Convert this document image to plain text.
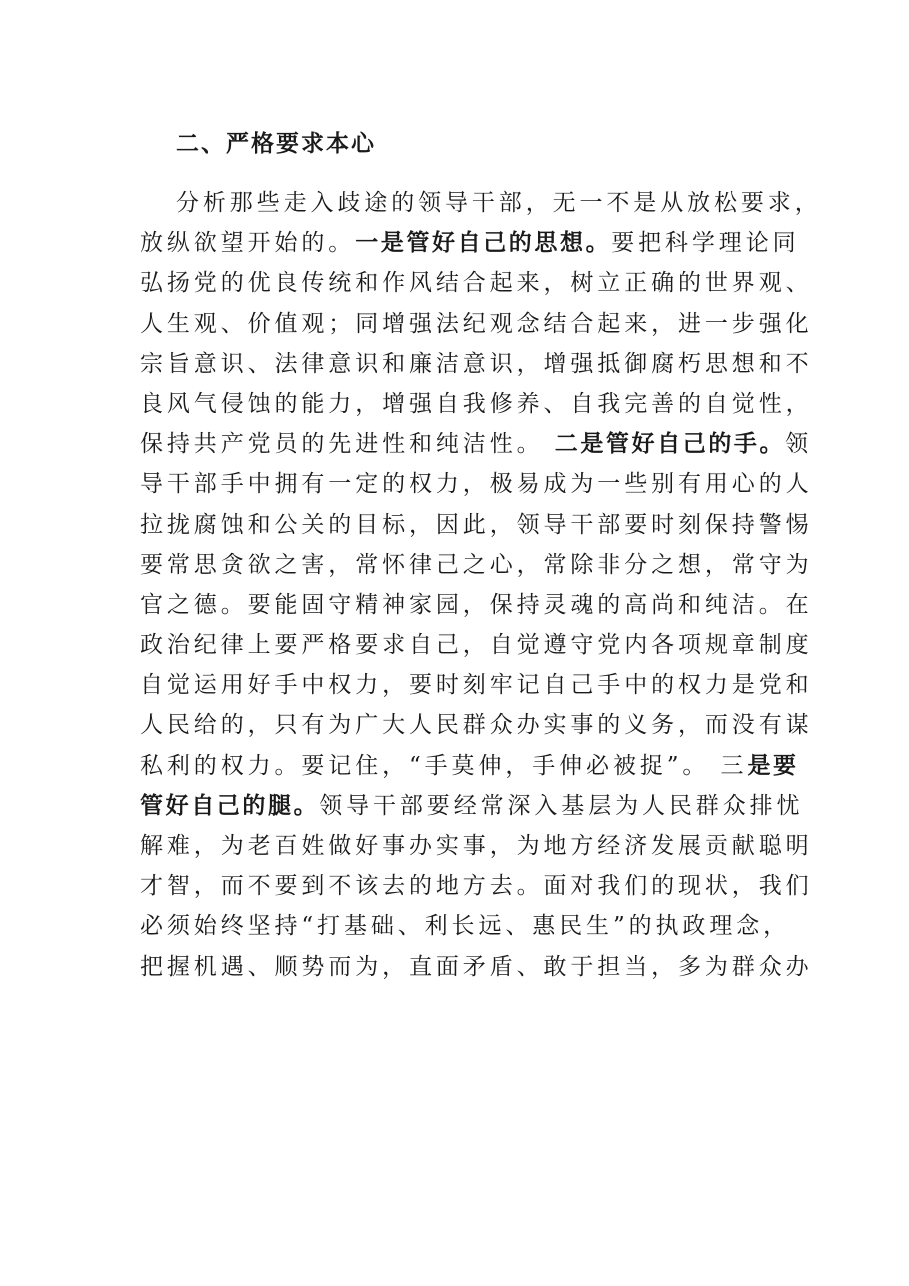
二、严格要求本心
分析那些走入歧途的领导干部，无一不是从放松要求，
放纵欲望开始的。一是管好自己的思想。要把科学理论同
弘扬党的优良传统和作风结合起来，树立正确的世界观、
人生观、价值观；同增强法纪观念结合起来，进一步强化
宗旨意识、法律意识和廉洁意识，增强抵御腐朽思想和不
良风气侵蚀的能力，增强自我修养、自我完善的自觉性，
保持共产党员的先进性和纯洁性。 二是管好自己的手。领
导干部手中拥有一定的权力，极易成为一些别有用心的人
拉拢腐蚀和公关的目标，因此，领导干部要时刻保持警惕
要常思贪欲之害，常怀律己之心，常除非分之想，常守为
官之德。要能固守精神家园，保持灵魂的高尚和纯洁。在
政治纪律上要严格要求自己，自觉遵守党内各项规章制度
自觉运用好手中权力，要时刻牢记自己手中的权力是党和
人民给的，只有为广大人民群众办实事的义务，而没有谋
私利的权力。要记住，“手莫伸，手伸必被捉”。 三是要
管好自己的腿。领导干部要经常深入基层为人民群众排忧
解难，为老百姓做好事办实事，为地方经济发展贡献聪明
才智，而不要到不该去的地方去。面对我们的现状，我们
必须始终坚持“打基础、利长远、惠民生”的执政理念，
把握机遇、顺势而为，直面矛盾、敢于担当，多为群众办
